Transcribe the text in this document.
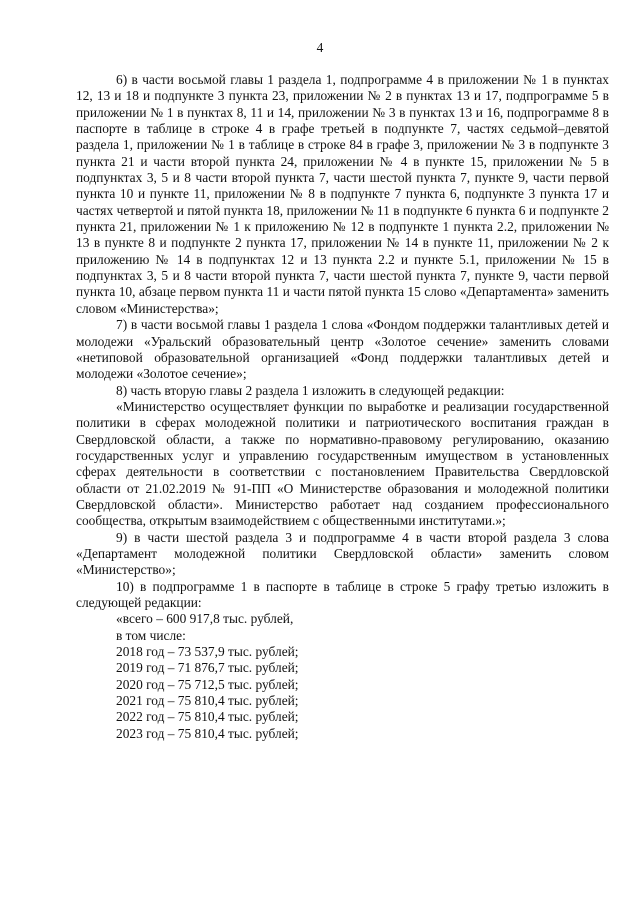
4

6) в части восьмой главы 1 раздела 1, подпрограмме 4 в приложении № 1 в пунктах 12, 13 и 18 и подпункте 3 пункта 23, приложении № 2 в пунктах 13 и 17, подпрограмме 5 в приложении № 1 в пунктах 8, 11 и 14, приложении № 3 в пунктах 13 и 16, подпрограмме 8 в паспорте в таблице в строке 4 в графе третьей в подпункте 7, частях седьмой–девятой раздела 1, приложении № 1 в таблице в строке 84 в графе 3, приложении № 3 в подпункте 3 пункта 21 и части второй пункта 24, приложении № 4 в пункте 15, приложении № 5 в подпунктах 3, 5 и 8 части второй пункта 7, части шестой пункта 7, пункте 9, части первой пункта 10 и пункте 11, приложении № 8 в подпункте 7 пункта 6, подпункте 3 пункта 17 и частях четвертой и пятой пункта 18, приложении № 11 в подпункте 6 пункта 6 и подпункте 2 пункта 21, приложении № 1 к приложению № 12 в подпункте 1 пункта 2.2, приложении № 13 в пункте 8 и подпункте 2 пункта 17, приложении № 14 в пункте 11, приложении № 2 к приложению № 14 в подпунктах 12 и 13 пункта 2.2 и пункте 5.1, приложении № 15 в подпунктах 3, 5 и 8 части второй пункта 7, части шестой пункта 7, пункте 9, части первой пункта 10, абзаце первом пункта 11 и части пятой пункта 15 слово «Департамента» заменить словом «Министерства»;

7) в части восьмой главы 1 раздела 1 слова «Фондом поддержки талантливых детей и молодежи «Уральский образовательный центр «Золотое сечение» заменить словами «нетиповой образовательной организацией «Фонд поддержки талантливых детей и молодежи «Золотое сечение»;

8) часть вторую главы 2 раздела 1 изложить в следующей редакции:

«Министерство осуществляет функции по выработке и реализации государственной политики в сферах молодежной политики и патриотического воспитания граждан в Свердловской области, а также по нормативно-правовому регулированию, оказанию государственных услуг и управлению государственным имуществом в установленных сферах деятельности в соответствии с постановлением Правительства Свердловской области от 21.02.2019 № 91-ПП «О Министерстве образования и молодежной политики Свердловской области». Министерство работает над созданием профессионального сообщества, открытым взаимодействием с общественными институтами.»;

9) в части шестой раздела 3 и подпрограмме 4 в части второй раздела 3 слова «Департамент молодежной политики Свердловской области» заменить словом «Министерство»;

10) в подпрограмме 1 в паспорте в таблице в строке 5 графу третью изложить в следующей редакции:

«всего – 600 917,8 тыс. рублей,

в том числе:

2018 год – 73 537,9 тыс. рублей;

2019 год – 71 876,7 тыс. рублей;

2020 год – 75 712,5 тыс. рублей;

2021 год – 75 810,4 тыс. рублей;

2022 год – 75 810,4 тыс. рублей;

2023 год – 75 810,4 тыс. рублей;
